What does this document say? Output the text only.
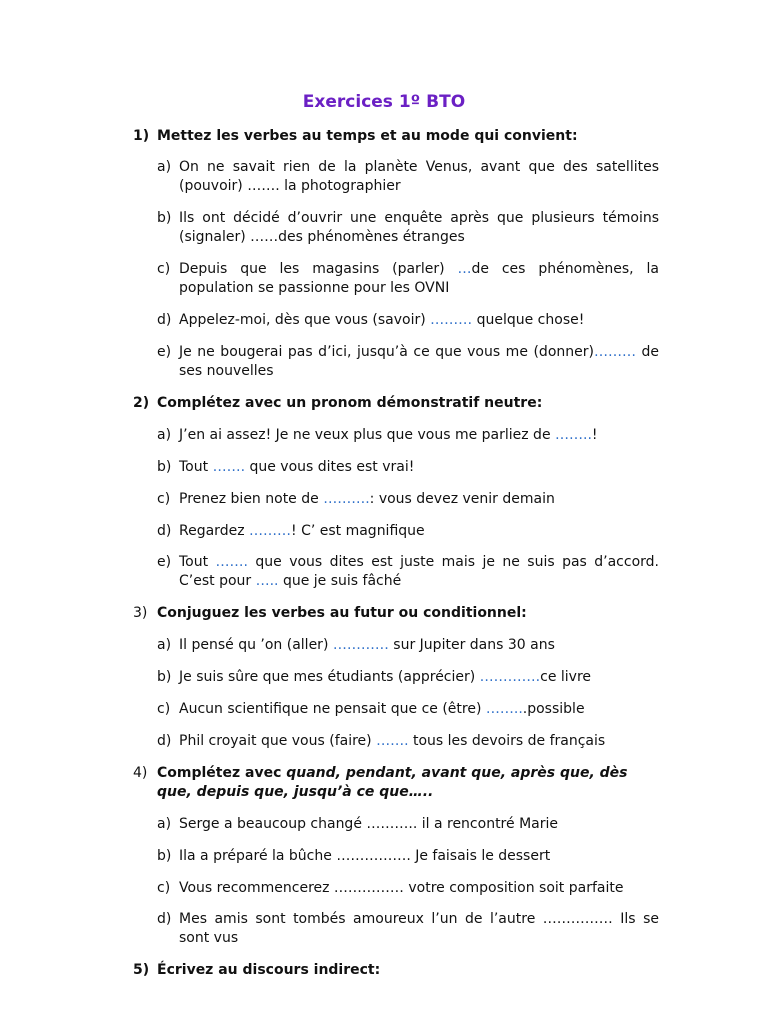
Exercices 1º BTO
1) Mettez les verbes au temps et au mode qui convient:
a) On ne savait rien de la planète Venus, avant que des satellites (pouvoir) ……. la photographier
b) Ils ont décidé d’ouvrir une enquête après que plusieurs témoins (signaler) ……des phénomènes étranges
c) Depuis que les magasins (parler) …de ces phénomènes, la population se passionne pour les OVNI
d) Appelez-moi, dès que vous (savoir) ……… quelque chose!
e) Je ne bougerai pas d’ici, jusqu’à ce que vous me (donner)……… de ses nouvelles
2) Complétez avec un pronom démonstratif neutre:
a) J’en ai assez! Je ne veux plus que vous me parliez de ……..!
b) Tout ……. que vous dites est vrai!
c) Prenez bien note de ……….: vous devez venir demain
d) Regardez ………! C’ est magnifique
e) Tout ……. que vous dites est juste mais je ne suis pas d’accord. C’est pour ….. que je suis fâché
3) Conjuguez les verbes au futur ou conditionnel:
a) Il pensé qu ’on (aller) ………… sur Jupiter dans 30 ans
b) Je suis sûre que mes étudiants (apprécier) ………….ce livre
c) Aucun scientifique ne pensait que ce (être) ……...possible
d) Phil croyait que vous (faire) ……. tous les devoirs de français
4) Complétez avec quand, pendant, avant que, après que, dès
que, depuis que, jusqu’à ce que…..
a) Serge a beaucoup changé ……….. il a rencontré Marie
b) Ila a préparé la bûche ……………. Je faisais le dessert
c) Vous recommencerez …………… votre composition soit parfaite
d) Mes amis sont tombés amoureux l’un de l’autre …………… Ils se sont vus
5) Écrivez au discours indirect:
